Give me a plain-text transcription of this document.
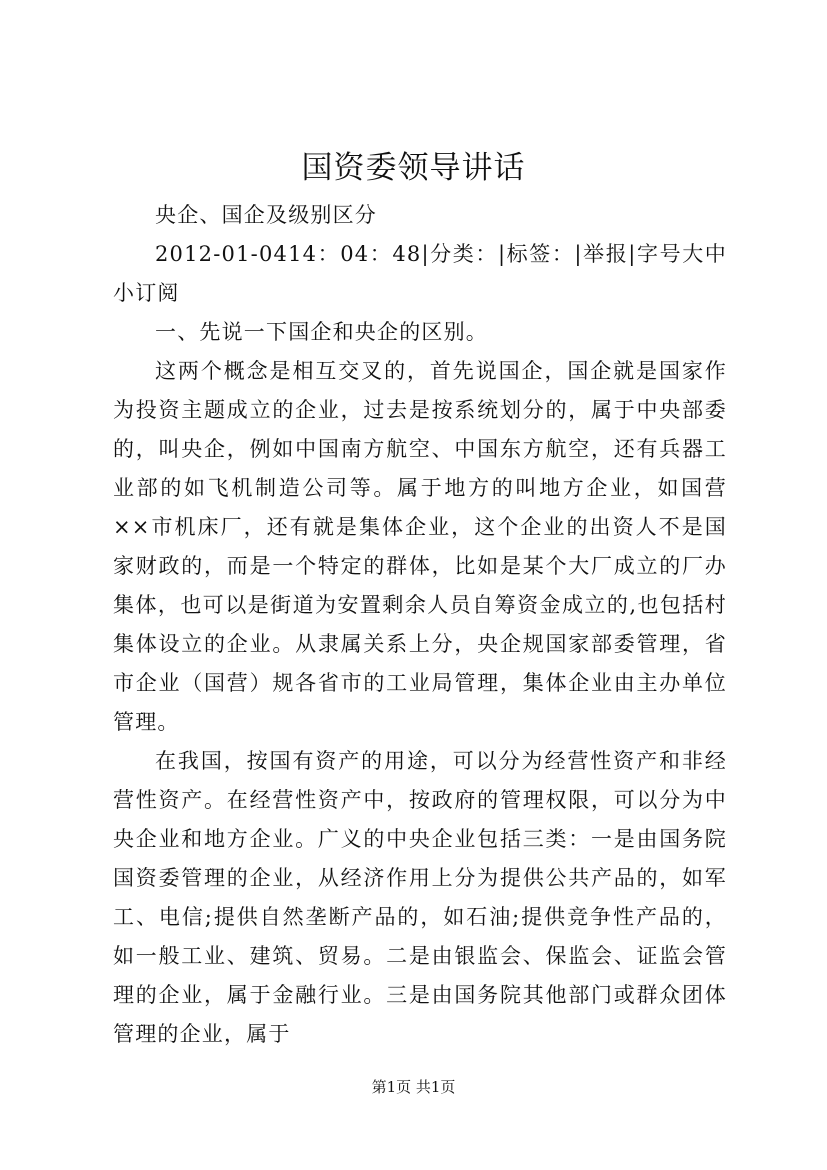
国资委领导讲话

央企、国企及级别区分

2012-01-0414：04：48|分类：|标签：|举报|字号大中小订阅

一、先说一下国企和央企的区别。

这两个概念是相互交叉的，首先说国企，国企就是国家作为投资主题成立的企业，过去是按系统划分的，属于中央部委的，叫央企，例如中国南方航空、中国东方航空，还有兵器工业部的如飞机制造公司等。属于地方的叫地方企业，如国营××市机床厂，还有就是集体企业，这个企业的出资人不是国家财政的，而是一个特定的群体，比如是某个大厂成立的厂办集体，也可以是街道为安置剩余人员自筹资金成立的,也包括村集体设立的企业。从隶属关系上分，央企规国家部委管理，省市企业（国营）规各省市的工业局管理，集体企业由主办单位管理。

在我国，按国有资产的用途，可以分为经营性资产和非经营性资产。在经营性资产中，按政府的管理权限，可以分为中央企业和地方企业。广义的中央企业包括三类：一是由国务院国资委管理的企业，从经济作用上分为提供公共产品的，如军工、电信;提供自然垄断产品的，如石油;提供竞争性产品的，如一般工业、建筑、贸易。二是由银监会、保监会、证监会管理的企业，属于金融行业。三是由国务院其他部门或群众团体管理的企业，属于

第1页 共1页
